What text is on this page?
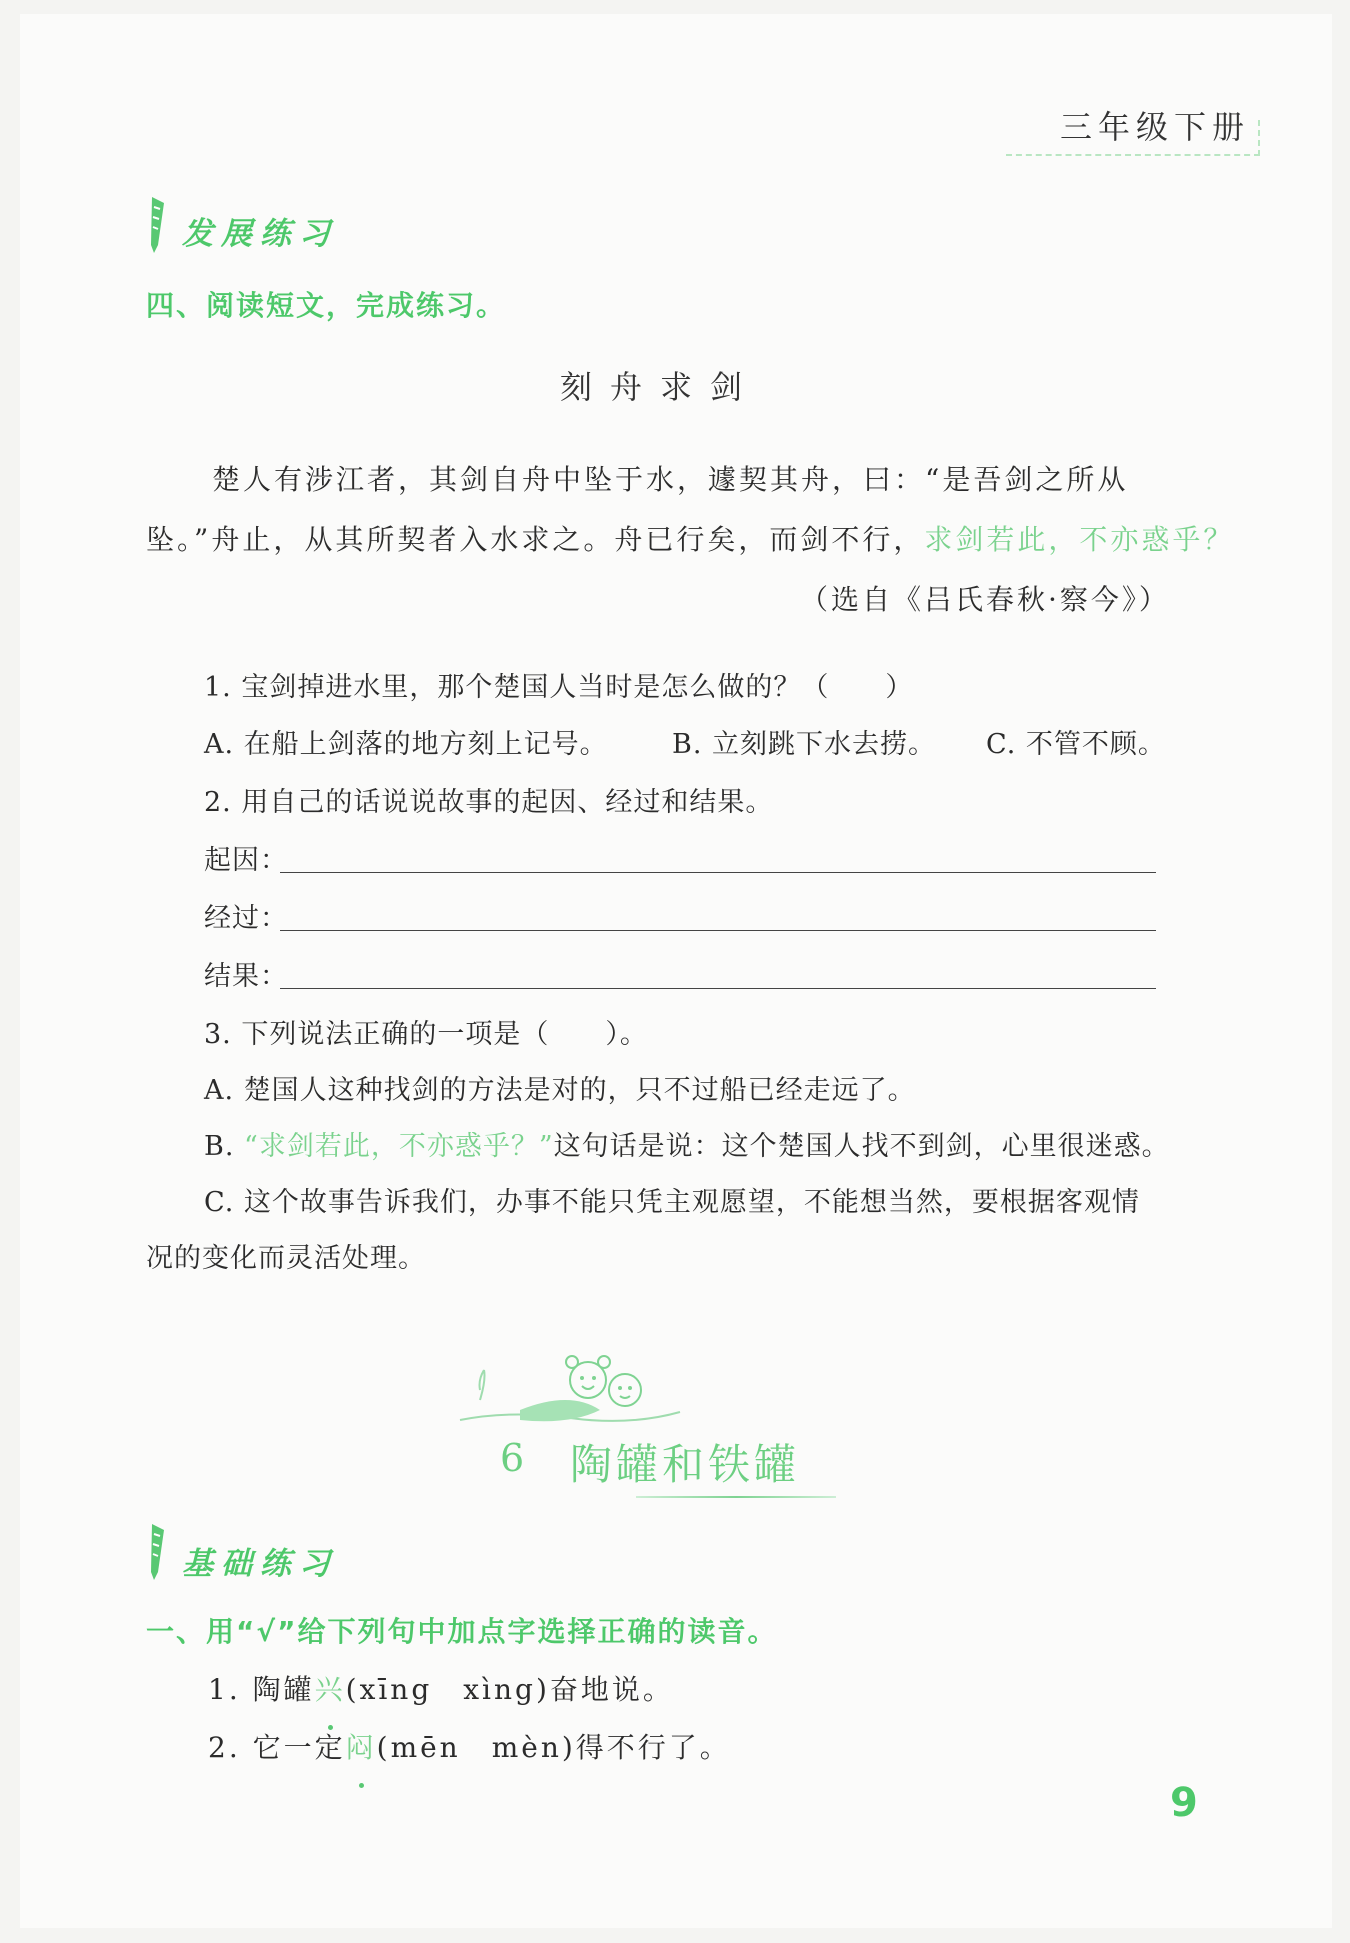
三年级下册
发展练习
四、阅读短文，完成练习。
刻舟求剑
楚人有涉江者，其剑自舟中坠于水，遽契其舟，曰：“是吾剑之所从
坠。”舟止，从其所契者入水求之。舟已行矣，而剑不行，求剑若此，不亦惑乎？
（选自《吕氏春秋·察今》）
1. 宝剑掉进水里，那个楚国人当时是怎么做的？（　　）
A. 在船上剑落的地方刻上记号。 B. 立刻跳下水去捞。 C. 不管不顾。
2. 用自己的话说说故事的起因、经过和结果。
起因：
经过：
结果：
3. 下列说法正确的一项是（　　）。
A. 楚国人这种找剑的方法是对的，只不过船已经走远了。
B. “求剑若此，不亦惑乎？”这句话是说：这个楚国人找不到剑，心里很迷惑。
C. 这个故事告诉我们，办事不能只凭主观愿望，不能想当然，要根据客观情
况的变化而灵活处理。
6 陶罐和铁罐
基础练习
一、用“√”给下列句中加点字选择正确的读音。
1. 陶罐兴(xīng　xìng)奋地说。
2. 它一定闷(mēn　mèn)得不行了。
9
